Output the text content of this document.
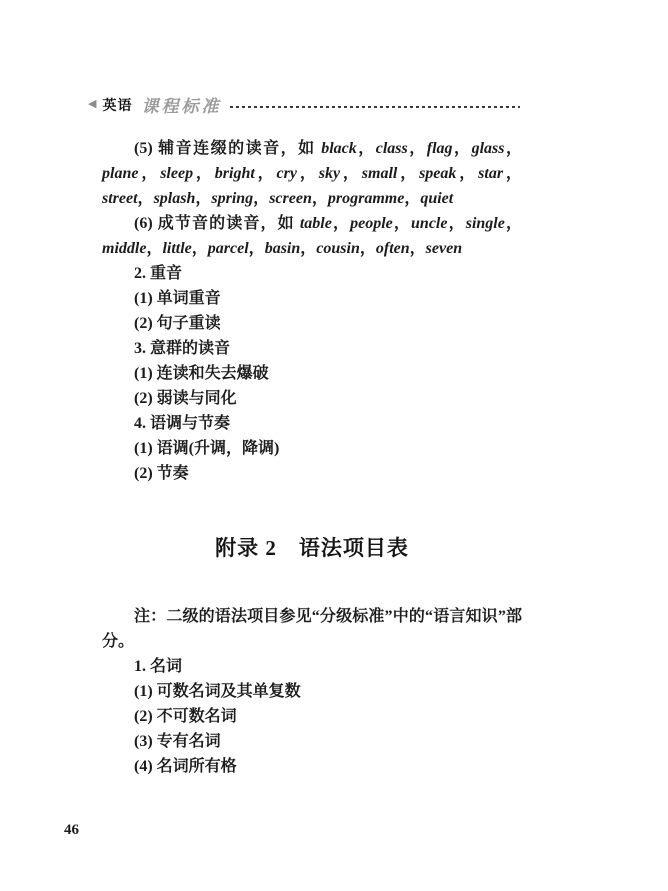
◀ 英语 课程标准

(5) 辅音连缀的读音，如 black，class，flag，glass，plane，sleep，bright，cry，sky，small，speak，star，street，splash，spring，screen，programme，quiet

(6) 成节音的读音，如 table，people，uncle，single，middle，little，parcel，basin，cousin，often，seven

2. 重音

(1) 单词重音

(2) 句子重读

3. 意群的读音

(1) 连读和失去爆破

(2) 弱读与同化

4. 语调与节奏

(1) 语调(升调，降调)

(2) 节奏

附录 2　语法项目表

注：二级的语法项目参见“分级标准”中的“语言知识”部分。

1. 名词

(1) 可数名词及其单复数

(2) 不可数名词

(3) 专有名词

(4) 名词所有格

46
